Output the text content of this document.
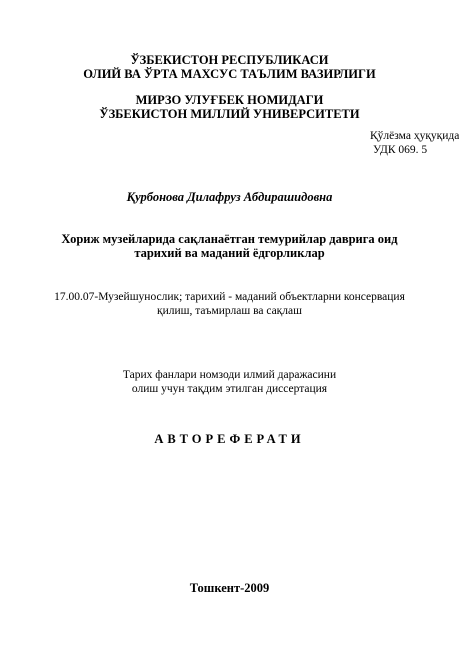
ЎЗБЕКИСТОН РЕСПУБЛИКАСИ
ОЛИЙ ВА ЎРТА МАХСУС ТАЪЛИМ ВАЗИРЛИГИ
МИРЗО УЛУҒБЕК НОМИДАГИ
ЎЗБЕКИСТОН МИЛЛИЙ УНИВЕРСИТЕТИ
Қўлёзма ҳуқуқида
УДК 069. 5
Қурбонова Дилафруз Абдирашидовна
Хориж музейларида сақланаётган темурийлар даврига оид
тарихий ва маданий ёдгорликлар
17.00.07-Музейшунослик; тарихий - маданий объектларни консервация
қилиш, таъмирлаш ва сақлаш
Тарих фанлари номзоди илмий даражасини
олиш учун тақдим этилган диссертация
АВТОРЕФЕРАТИ
Тошкент-2009
